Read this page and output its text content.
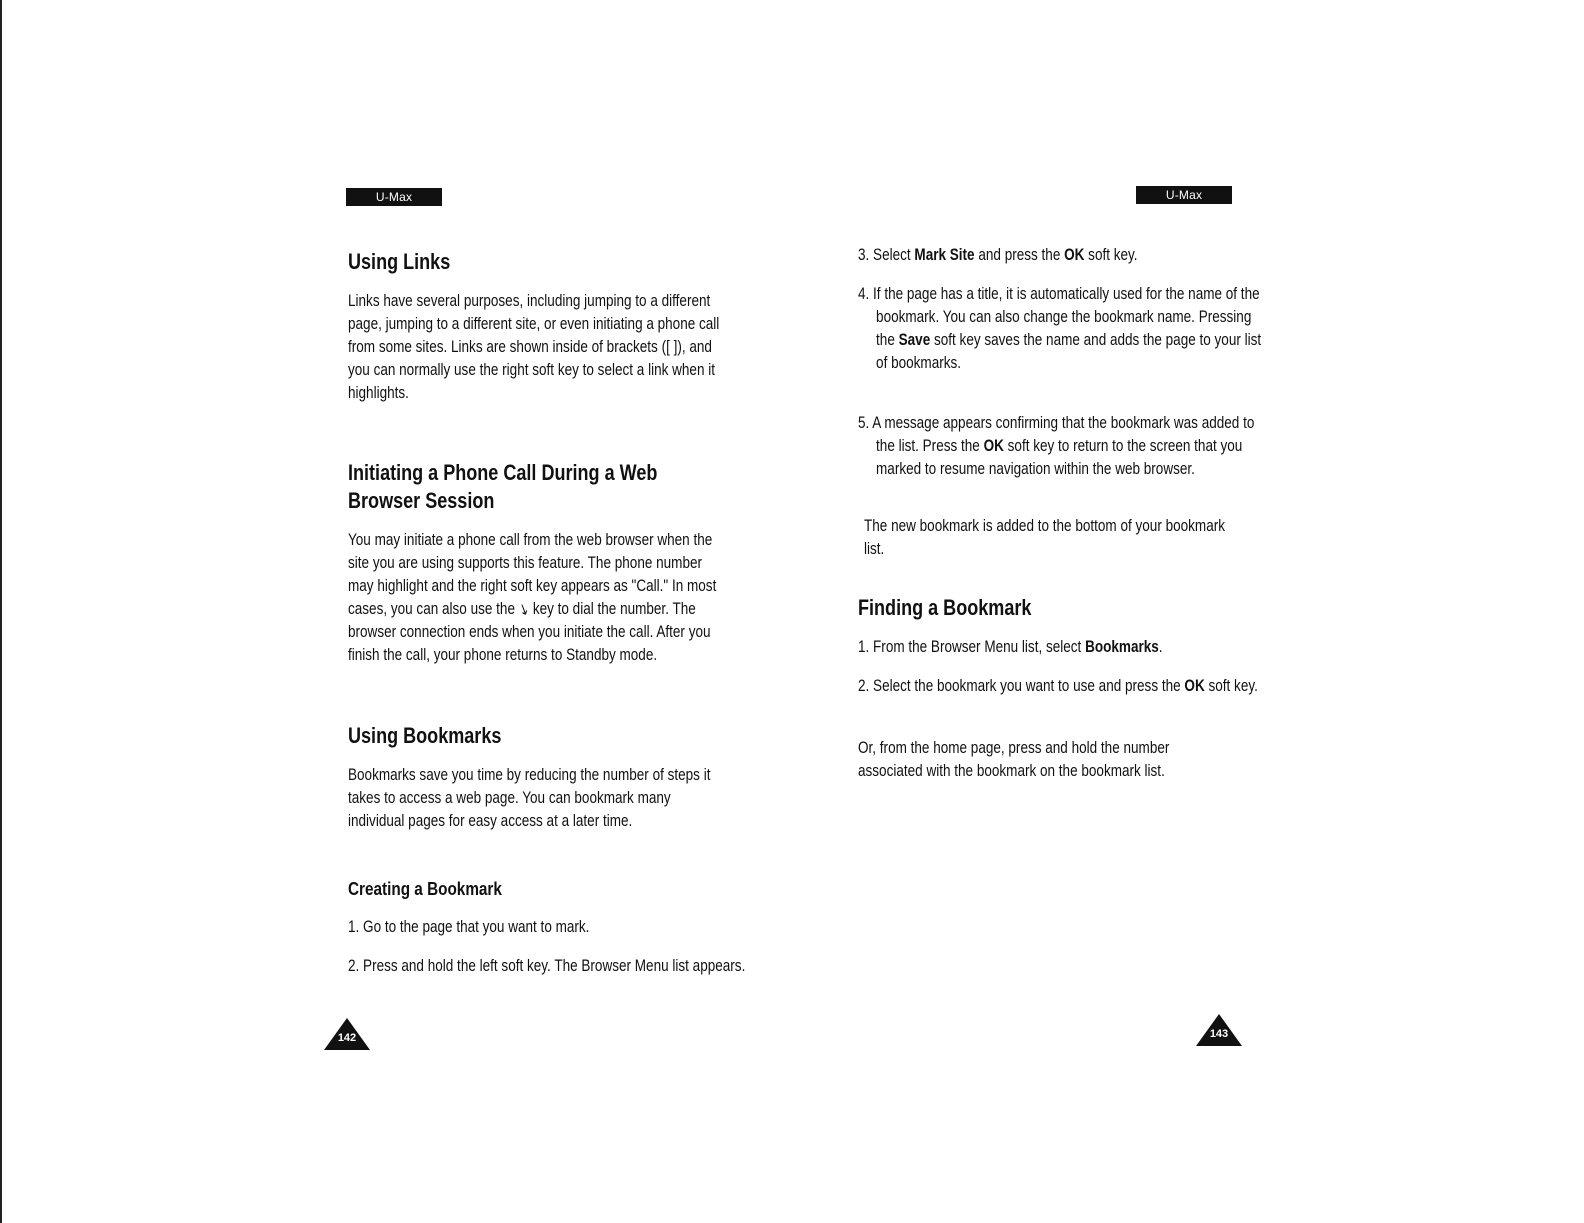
U-Max
Using Links

Links have several purposes, including jumping to a different page, jumping to a different site, or even initiating a phone call from some sites. Links are shown inside of brackets ([ ]), and you can normally use the right soft key to select a link when it highlights.

Initiating a Phone Call During a Web
Browser Session

You may initiate a phone call from the web browser when the site you are using supports this feature. The phone number may highlight and the right soft key appears as "Call." In most cases, you can also use the ↘ key to dial the number. The browser connection ends when you initiate the call. After you finish the call, your phone returns to Standby mode.

Using Bookmarks

Bookmarks save you time by reducing the number of steps it takes to access a web page. You can bookmark many individual pages for easy access at a later time.

Creating a Bookmark

1. Go to the page that you want to mark.

2. Press and hold the left soft key. The Browser Menu list appears.

142
U-Max

3. Select Mark Site and press the OK soft key.

4. If the page has a title, it is automatically used for the name of the bookmark. You can also change the bookmark name. Pressing the Save soft key saves the name and adds the page to your list of bookmarks.

5. A message appears confirming that the bookmark was added to the list. Press the OK soft key to return to the screen that you marked to resume navigation within the web browser.

The new bookmark is added to the bottom of your bookmark list.

Finding a Bookmark

1. From the Browser Menu list, select Bookmarks.

2. Select the bookmark you want to use and press the OK soft key.

Or, from the home page, press and hold the number associated with the bookmark on the bookmark list.

143
